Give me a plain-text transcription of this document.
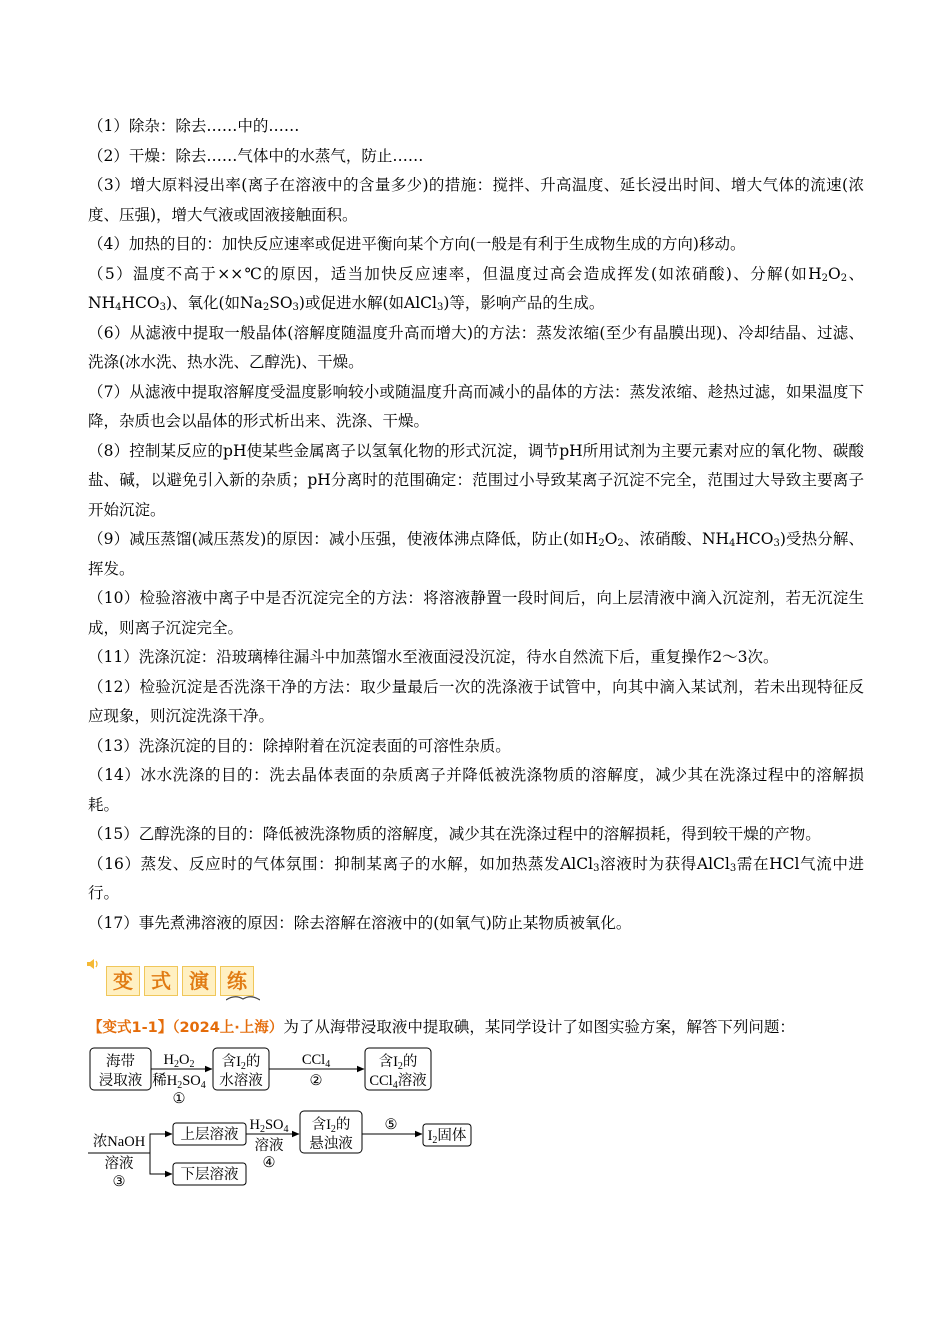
（1）除杂：除去……中的……

（2）干燥：除去……气体中的水蒸气，防止……

（3）增大原料浸出率(离子在溶液中的含量多少)的措施：搅拌、升高温度、延长浸出时间、增大气体的流速(浓度、压强)，增大气液或固液接触面积。

（4）加热的目的：加快反应速率或促进平衡向某个方向(一般是有利于生成物生成的方向)移动。

（5）温度不高于××℃的原因，适当加快反应速率，但温度过高会造成挥发(如浓硝酸)、分解(如$H_2O_2$、$NH_4HCO_3$)、氧化(如$Na_2SO_3$)或促进水解(如AlCl$_3$)等，影响产品的生成。

（6）从滤液中提取一般晶体(溶解度随温度升高而增大)的方法：蒸发浓缩(至少有晶膜出现)、冷却结晶、过滤、洗涤(冰水洗、热水洗、乙醇洗)、干燥。

（7）从滤液中提取溶解度受温度影响较小或随温度升高而减小的晶体的方法：蒸发浓缩、趁热过滤，如果温度下降，杂质也会以晶体的形式析出来、洗涤、干燥。

（8）控制某反应的pH使某些金属离子以氢氧化物的形式沉淀，调节pH所用试剂为主要元素对应的氧化物、碳酸盐、碱，以避免引入新的杂质；pH分离时的范围确定：范围过小导致某离子沉淀不完全，范围过大导致主要离子开始沉淀。

（9）减压蒸馏(减压蒸发)的原因：减小压强，使液体沸点降低，防止(如$H_2O_2$、浓硝酸、$NH_4HCO_3$)受热分解、挥发。

（10）检验溶液中离子中是否沉淀完全的方法：将溶液静置一段时间后，向上层清液中滴入沉淀剂，若无沉淀生成，则离子沉淀完全。

（11）洗涤沉淀：沿玻璃棒往漏斗中加蒸馏水至液面浸没沉淀，待水自然流下后，重复操作2～3次。

（12）检验沉淀是否洗涤干净的方法：取少量最后一次的洗涤液于试管中，向其中滴入某试剂，若未出现特征反应现象，则沉淀洗涤干净。

（13）洗涤沉淀的目的：除掉附着在沉淀表面的可溶性杂质。

（14）冰水洗涤的目的：洗去晶体表面的杂质离子并降低被洗涤物质的溶解度，减少其在洗涤过程中的溶解损耗。

（15）乙醇洗涤的目的：降低被洗涤物质的溶解度，减少其在洗涤过程中的溶解损耗，得到较干燥的产物。

（16）蒸发、反应时的气体氛围：抑制某离子的水解，如加热蒸发AlCl$_3$溶液时为获得AlCl$_3$需在HCl气流中进行。

（17）事先煮沸溶液的原因：除去溶解在溶液中的(如氧气)防止某物质被氧化。

变 式 演 练
【变式1-1】（2024上·上海）为了从海带浸取液中提取碘，某同学设计了如图实验方案，解答下列问题：
海带
浸取液
含$I_2$的
水溶液
含$I_2$的
CCl$_4$溶液
$H_2O_2$
稀$H_2SO_4$
①
CCl$_4$
②
浓NaOH
溶液
③
上层溶液
下层溶液
$H_2SO_4$
溶液
④
含$I_2$的
悬浊液
⑤
$I_2$固体
